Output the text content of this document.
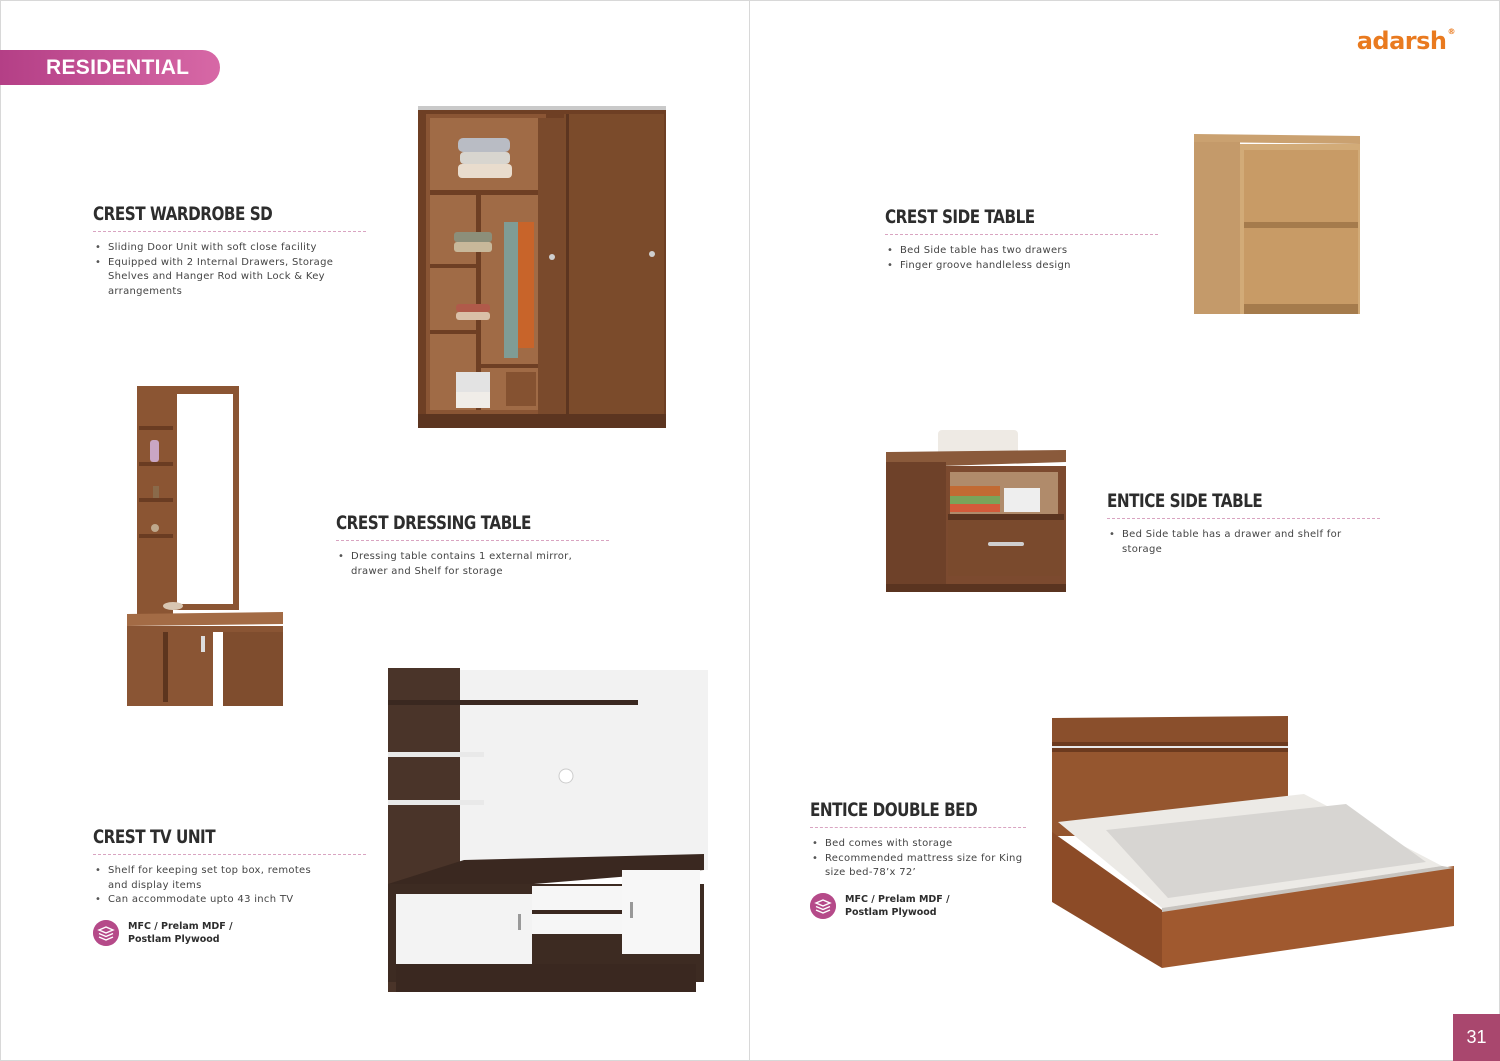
RESIDENTIAL
adarsh®
CREST WARDROBE SD
• Sliding Door Unit with soft close facility
• Equipped with 2 Internal Drawers, Storage Shelves and Hanger Rod with Lock & Key arrangements
CREST DRESSING TABLE
• Dressing table contains 1 external mirror, drawer and Shelf for storage
CREST TV UNIT
• Shelf for keeping set top box, remotes and display items
• Can accommodate upto 43 inch TV
MFC / Prelam MDF /
Postlam Plywood
CREST SIDE TABLE
• Bed Side table has two drawers
• Finger groove handleless design
ENTICE SIDE TABLE
• Bed Side table has a drawer and shelf for storage
ENTICE DOUBLE BED
• Bed comes with storage
• Recommended mattress size for King size bed-78’x 72’
MFC / Prelam MDF /
Postlam Plywood
31
